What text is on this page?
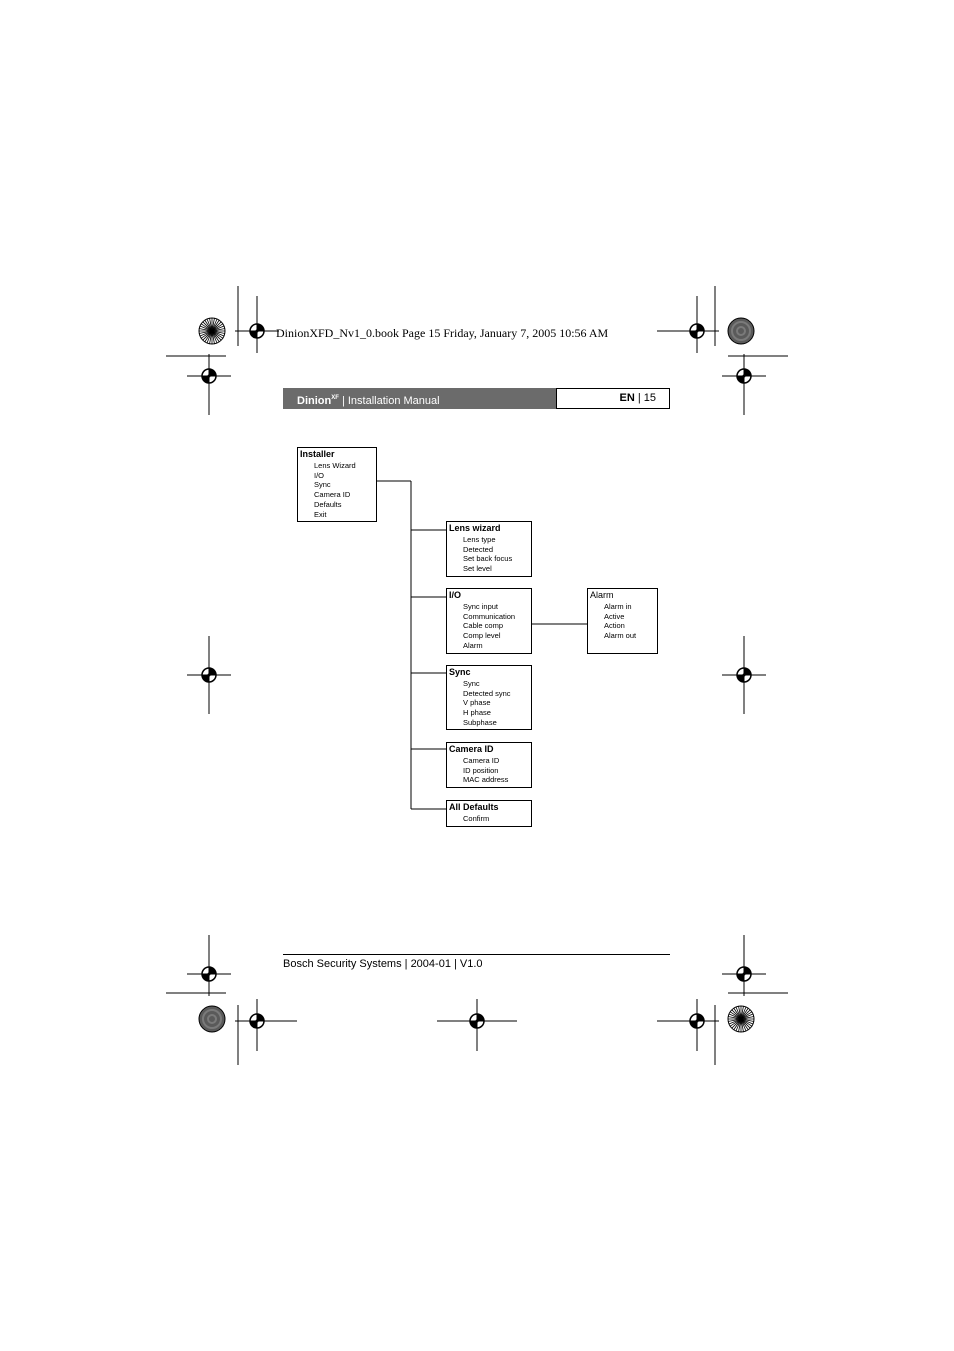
DinionXFD_Nv1_0.book Page 15 Friday, January 7, 2005 10:56 AM
Dinion$^{XF}$ | Installation Manual	EN | 15
Installer
Lens Wizard
I/O
Sync
Camera ID
Defaults
Exit
Lens wizard
Lens type
Detected
Set back focus
Set level
I/O
Sync input
Communication
Cable comp
Comp level
Alarm
Alarm
Alarm in
Active
Action
Alarm out
Sync
Sync
Detected sync
V phase
H phase
Subphase
Camera ID
Camera ID
ID position
MAC address
All Defaults
Confirm
Bosch Security Systems | 2004-01 | V1.0
